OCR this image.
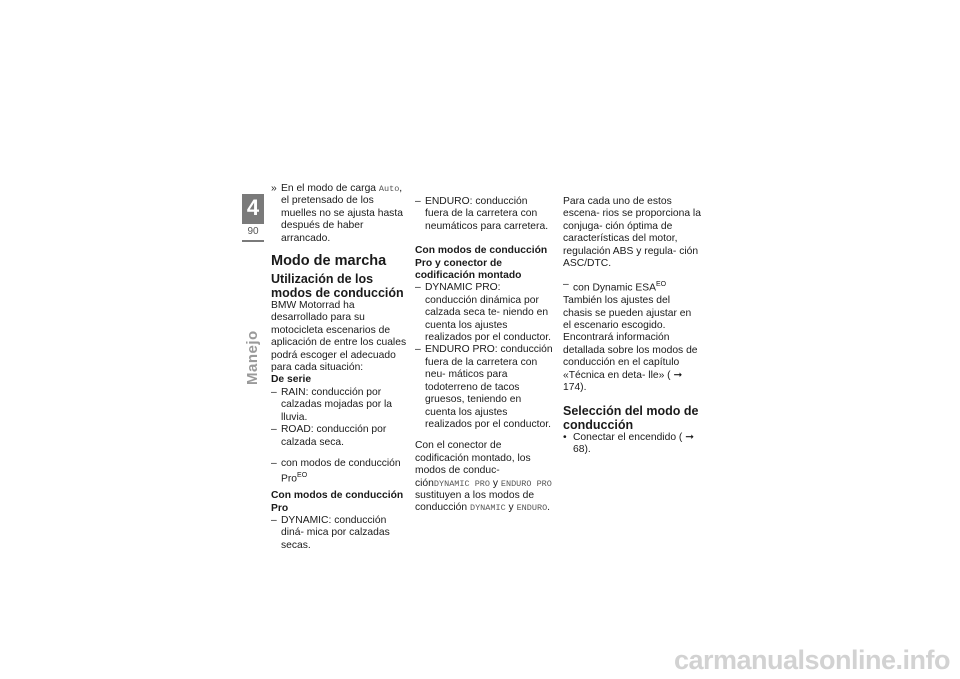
4
90
Manejo

» En el modo de carga Auto, el pretensado de los muelles no se ajusta hasta después de haber arrancado.

Modo de marcha

Utilización de los modos de conducción

BMW Motorrad ha desarrollado para su motocicleta escenarios de aplicación de entre los cuales podrá escoger el adecuado para cada situación:

De serie

– RAIN: conducción por calzadas mojadas por la lluvia.

– ROAD: conducción por calzada seca.

– con modos de conducción Pro$^{EO}$

Con modos de conducción Pro

– DYNAMIC: conducción diná- mica por calzadas secas.

– ENDURO: conducción fuera de la carretera con neumáticos para carretera.

Con modos de conducción Pro y conector de codificación montado

– DYNAMIC PRO: conducción dinámica por calzada seca te- niendo en cuenta los ajustes realizados por el conductor.

– ENDURO PRO: conducción fuera de la carretera con neu- máticos para todoterreno de tacos gruesos, teniendo en cuenta los ajustes realizados por el conductor.

Con el conector de codificación montado, los modos de conduc- ciónDYNAMIC PRO y ENDURO PRO sustituyen a los modos de conducción DYNAMIC y ENDURO.

Para cada uno de estos escena- rios se proporciona la conjuga- ción óptima de características del motor, regulación ABS y regula- ción ASC/DTC.

– con Dynamic $ESA^{EO}$

También los ajustes del chasis se pueden ajustar en el escenario escogido.

Encontrará información detallada sobre los modos de conducción en el capítulo «Técnica en deta- lle» ( ➞ 174).

Selección del modo de conducción

• Conectar el encendido ( ➞ 68).

carmanualsonline.info
